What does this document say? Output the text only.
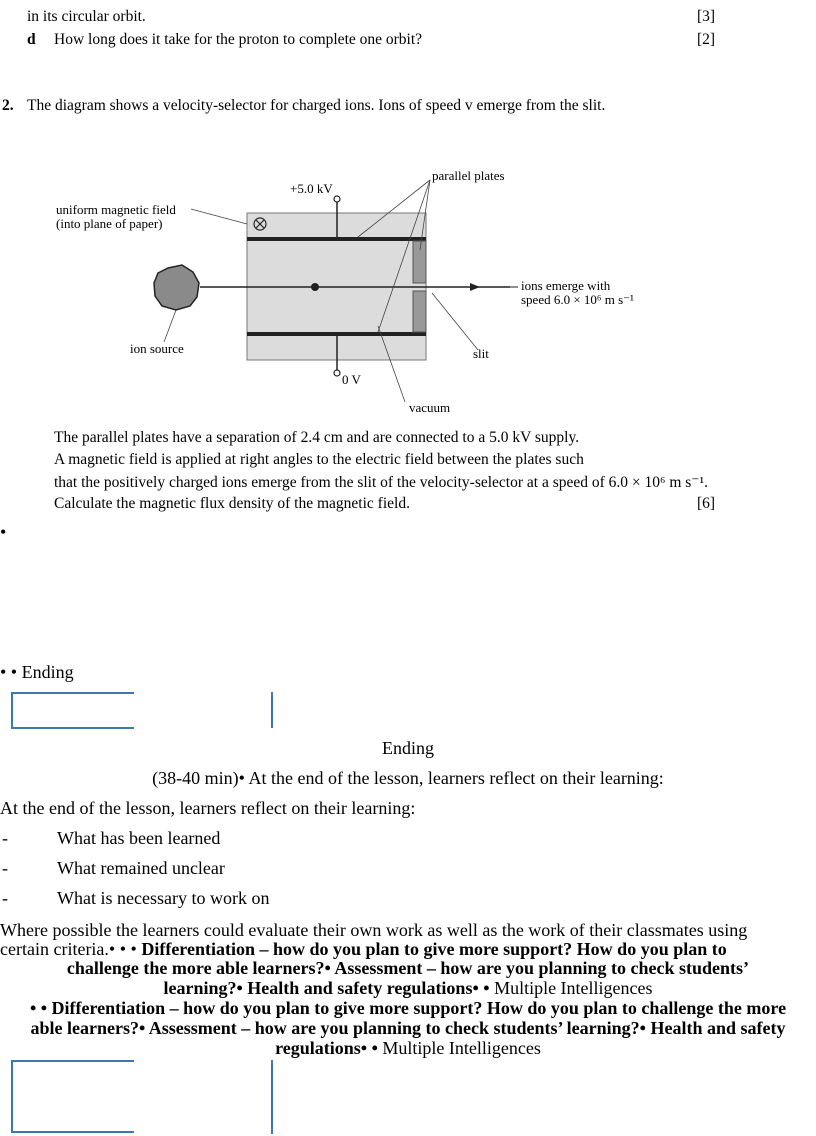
in its circular orbit.	[3]
d How long does it take for the proton to complete one orbit?	[2]
2. The diagram shows a velocity-selector for charged ions. Ions of speed v emerge from the slit.
+5.0 kV
0 V
parallel plates
uniform magnetic field
(into plane of paper)
ion source
ions emerge with
speed 6.0 × 10⁶ m s⁻¹
slit
vacuum
The parallel plates have a separation of 2.4 cm and are connected to a 5.0 kV supply.
A magnetic field is applied at right angles to the electric field between the plates such
that the positively charged ions emerge from the slit of the velocity-selector at a speed of 6.0 × 10⁶ m s⁻¹.
Calculate the magnetic flux density of the magnetic field.	[6]
•
• • Ending
Ending
(38-40 min)• At the end of the lesson, learners reflect on their learning:
At the end of the lesson, learners reflect on their learning:
-	What has been learned
-	What remained unclear
-	What is necessary to work on
Where possible the learners could evaluate their own work as well as the work of their classmates using
certain criteria.• • • Differentiation – how do you plan to give more support? How do you plan to
challenge the more able learners?• Assessment – how are you planning to check students’
learning?• Health and safety regulations• • Multiple Intelligences
• • Differentiation – how do you plan to give more support? How do you plan to challenge the more
able learners?• Assessment – how are you planning to check students’ learning?• Health and safety
regulations• • Multiple Intelligences
